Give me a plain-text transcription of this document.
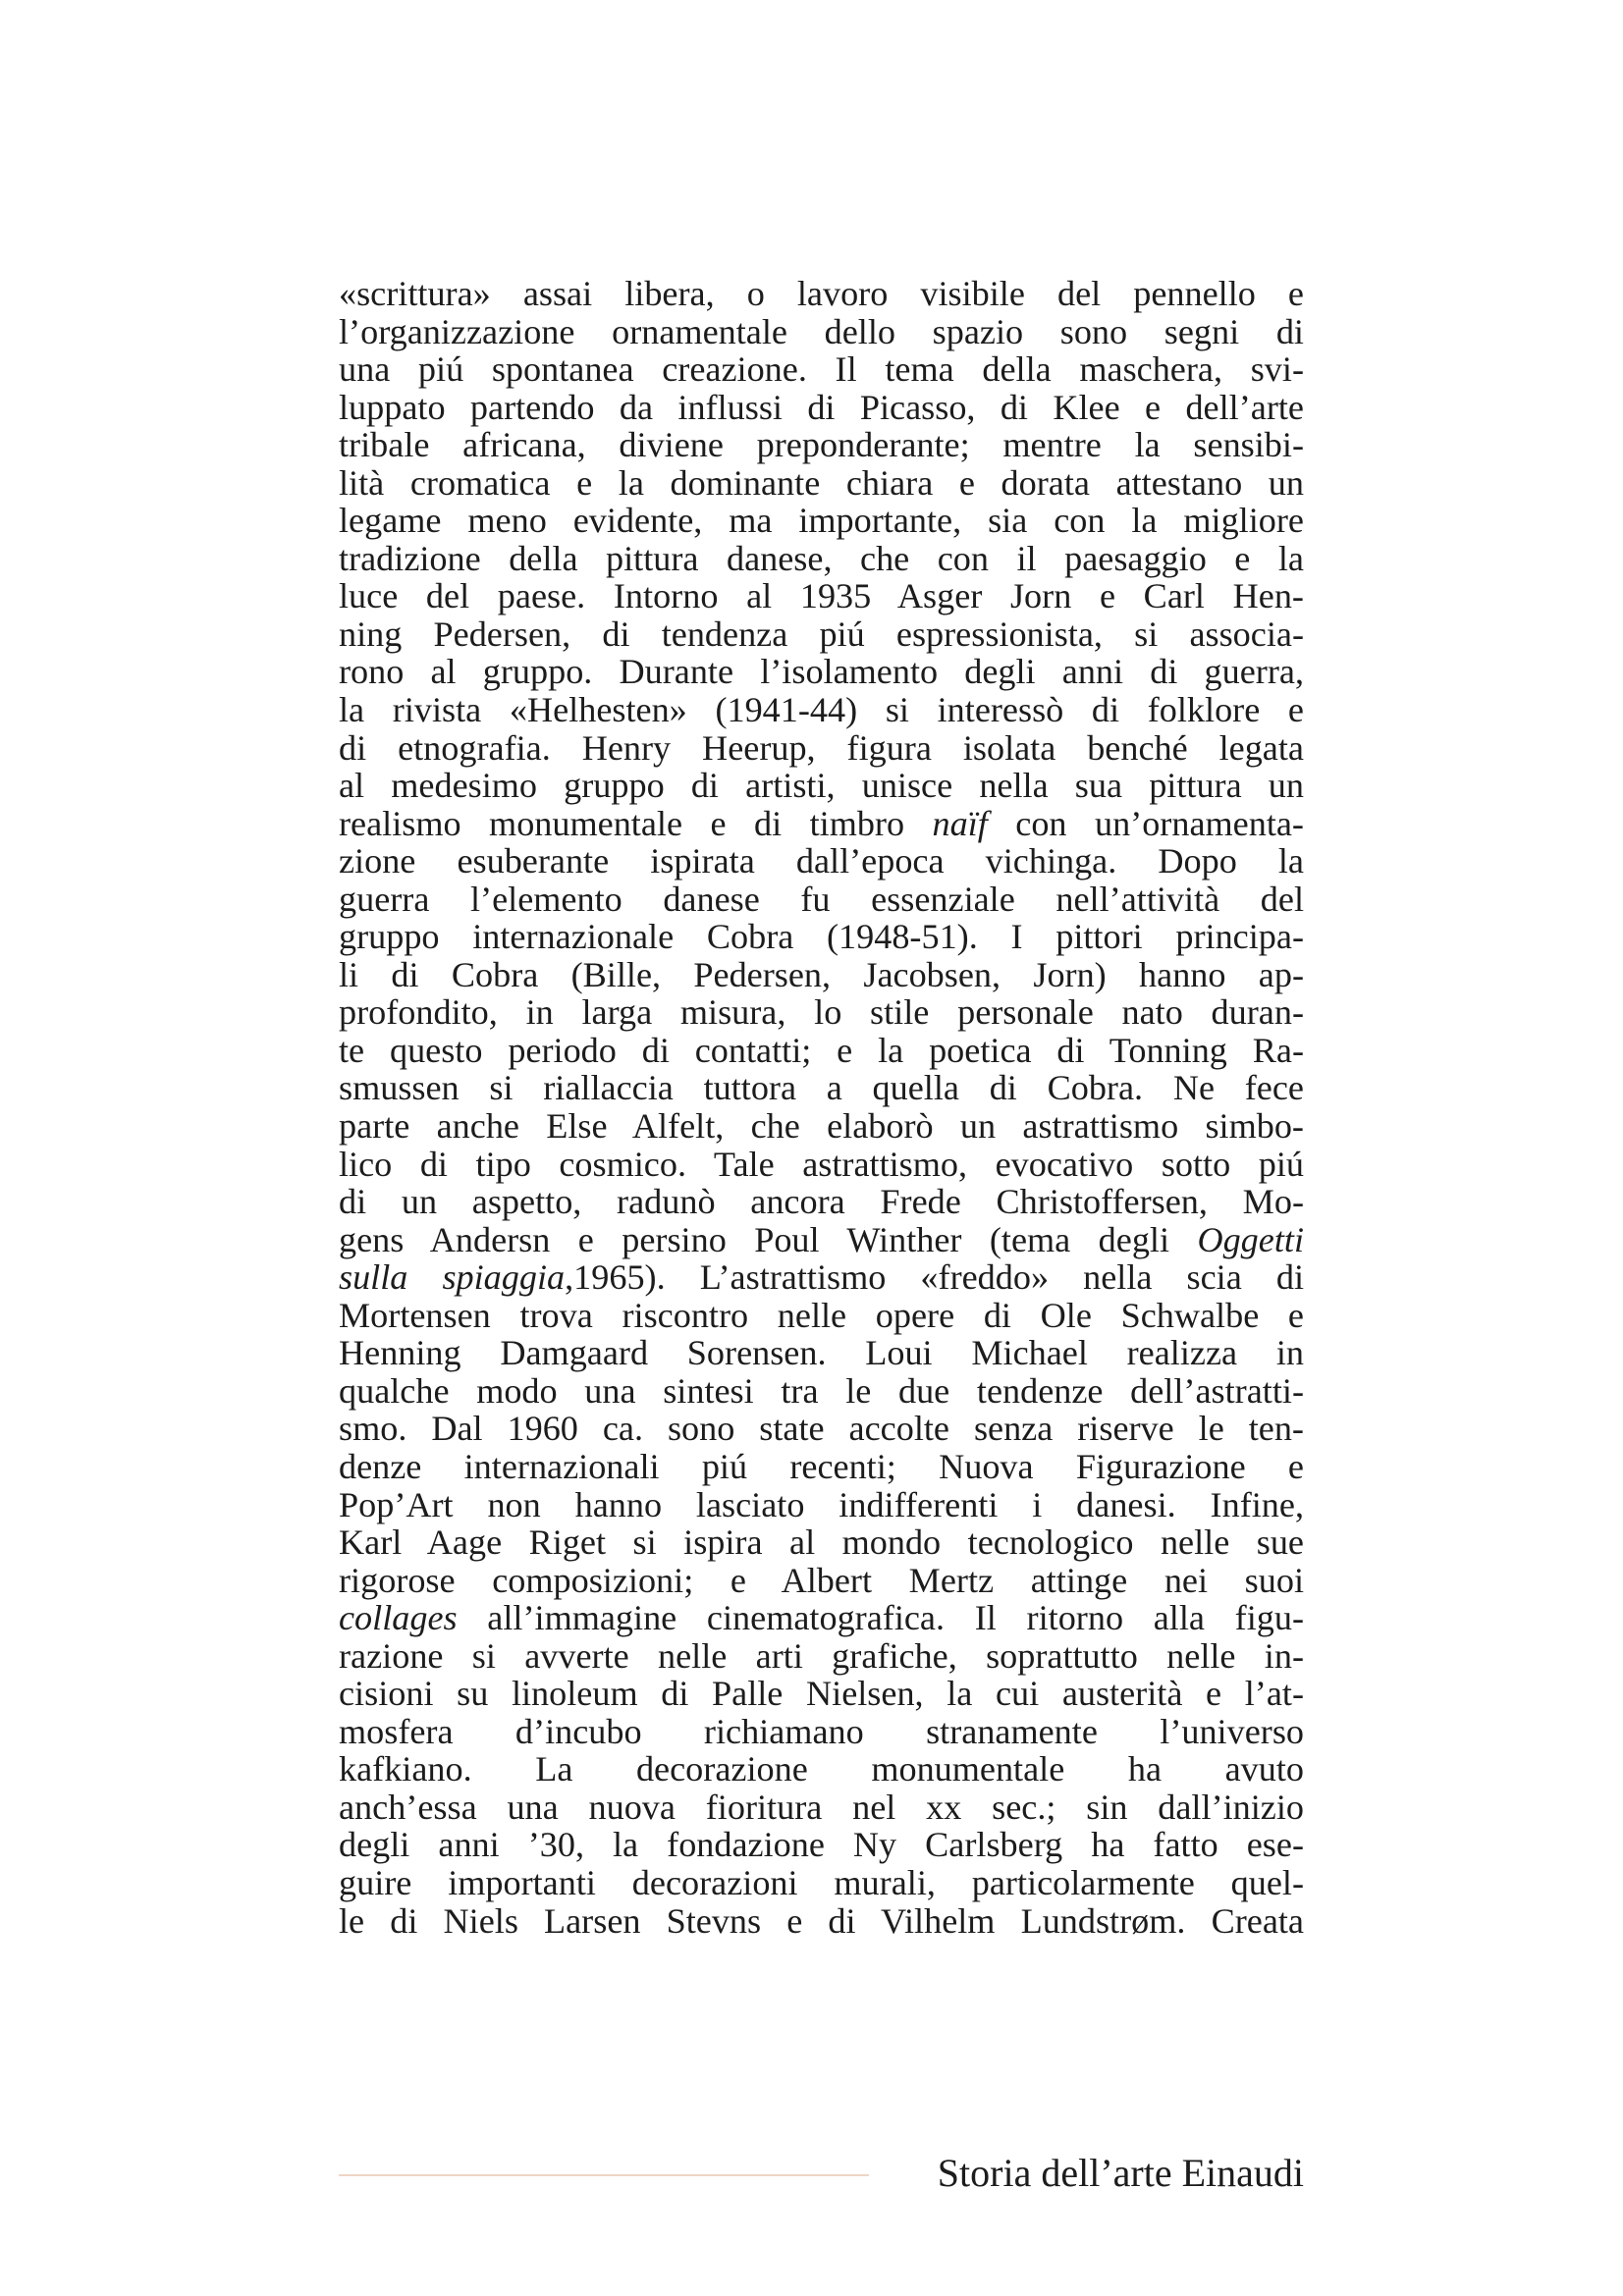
«scrittura» assai libera, o lavoro visibile del pennello e
l’organizzazione ornamentale dello spazio sono segni di
una piú spontanea creazione. Il tema della maschera, svi-
luppato partendo da influssi di Picasso, di Klee e dell’arte
tribale africana, diviene preponderante; mentre la sensibi-
lità cromatica e la dominante chiara e dorata attestano un
legame meno evidente, ma importante, sia con la migliore
tradizione della pittura danese, che con il paesaggio e la
luce del paese. Intorno al 1935 Asger Jorn e Carl Hen-
ning Pedersen, di tendenza piú espressionista, si associa-
rono al gruppo. Durante l’isolamento degli anni di guerra,
la rivista «Helhesten» (1941-44) si interessò di folklore e
di etnografia. Henry Heerup, figura isolata benché legata
al medesimo gruppo di artisti, unisce nella sua pittura un
realismo monumentale e di timbro naïf con un’ornamenta-
zione esuberante ispirata dall’epoca vichinga. Dopo la
guerra l’elemento danese fu essenziale nell’attività del
gruppo internazionale Cobra (1948-51). I pittori principa-
li di Cobra (Bille, Pedersen, Jacobsen, Jorn) hanno ap-
profondito, in larga misura, lo stile personale nato duran-
te questo periodo di contatti; e la poetica di Tonning Ra-
smussen si riallaccia tuttora a quella di Cobra. Ne fece
parte anche Else Alfelt, che elaborò un astrattismo simbo-
lico di tipo cosmico. Tale astrattismo, evocativo sotto piú
di un aspetto, radunò ancora Frede Christoffersen, Mo-
gens Andersn e persino Poul Winther (tema degli Oggetti
sulla spiaggia,1965). L’astrattismo «freddo» nella scia di
Mortensen trova riscontro nelle opere di Ole Schwalbe e
Henning Damgaard Sorensen. Loui Michael realizza in
qualche modo una sintesi tra le due tendenze dell’astratti-
smo. Dal 1960 ca. sono state accolte senza riserve le ten-
denze internazionali piú recenti; Nuova Figurazione e
Pop’Art non hanno lasciato indifferenti i danesi. Infine,
Karl Aage Riget si ispira al mondo tecnologico nelle sue
rigorose composizioni; e Albert Mertz attinge nei suoi
collages all’immagine cinematografica. Il ritorno alla figu-
razione si avverte nelle arti grafiche, soprattutto nelle in-
cisioni su linoleum di Palle Nielsen, la cui austerità e l’at-
mosfera d’incubo richiamano stranamente l’universo
kafkiano. La decorazione monumentale ha avuto
anch’essa una nuova fioritura nel xx sec.; sin dall’inizio
degli anni ’30, la fondazione Ny Carlsberg ha fatto ese-
guire importanti decorazioni murali, particolarmente quel-
le di Niels Larsen Stevns e di Vilhelm Lundstrøm. Creata
Storia dell’arte Einaudi
